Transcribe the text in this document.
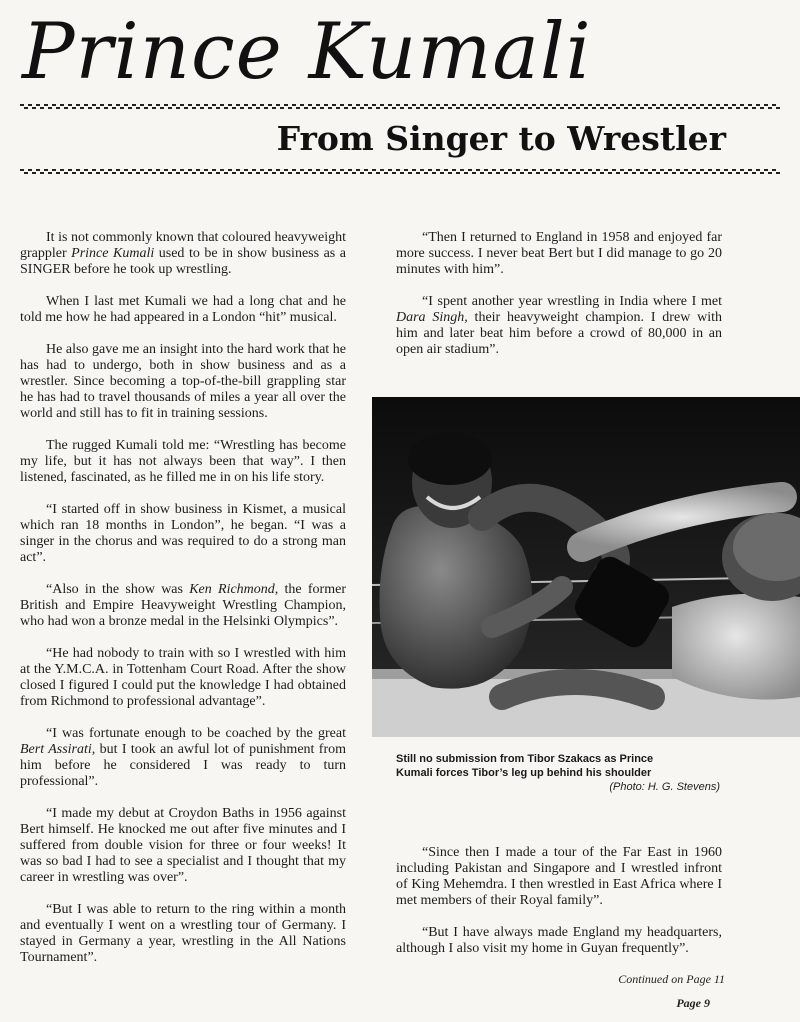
Prince Kumali
From Singer to Wrestler

It is not commonly known that coloured heavyweight grappler Prince Kumali used to be in show business as a SINGER before he took up wrestling.

When I last met Kumali we had a long chat and he told me how he had appeared in a London “hit” musical.

He also gave me an insight into the hard work that he has had to undergo, both in show business and as a wrestler. Since becoming a top-of-the-bill grappling star he has had to travel thousands of miles a year all over the world and still has to fit in training sessions.

The rugged Kumali told me: “Wrestling has become my life, but it has not always been that way”. I then listened, fascinated, as he filled me in on his life story.

“I started off in show business in Kismet, a musical which ran 18 months in London”, he began. “I was a singer in the chorus and was required to do a strong man act”.

“Also in the show was Ken Richmond, the former British and Empire Heavyweight Wrestling Champion, who had won a bronze medal in the Helsinki Olympics”.

“He had nobody to train with so I wrestled with him at the Y.M.C.A. in Tottenham Court Road. After the show closed I figured I could put the knowledge I had obtained from Richmond to professional advantage”.

“I was fortunate enough to be coached by the great Bert Assirati, but I took an awful lot of punishment from him before he considered I was ready to turn professional”.

“I made my debut at Croydon Baths in 1956 against Bert himself. He knocked me out after five minutes and I suffered from double vision for three or four weeks! It was so bad I had to see a specialist and I thought that my career in wrestling was over”.

“But I was able to return to the ring within a month and eventually I went on a wrestling tour of Germany. I stayed in Germany a year, wrestling in the All Nations Tournament”.

“Then I returned to England in 1958 and enjoyed far more success. I never beat Bert but I did manage to go 20 minutes with him”.

“I spent another year wrestling in India where I met Dara Singh, their heavyweight champion. I drew with him and later beat him before a crowd of 80,000 in an open air stadium”.

Still no submission from Tibor Szakacs as Prince
Kumali forces Tibor’s leg up behind his shoulder
(Photo: H. G. Stevens)

“Since then I made a tour of the Far East in 1960 including Pakistan and Singapore and I wrestled infront of King Mehemdra. I then wrestled in East Africa where I met members of their Royal family”.

“But I have always made England my headquarters, although I also visit my home in Guyan frequently”.

Continued on Page 11
Page 9
